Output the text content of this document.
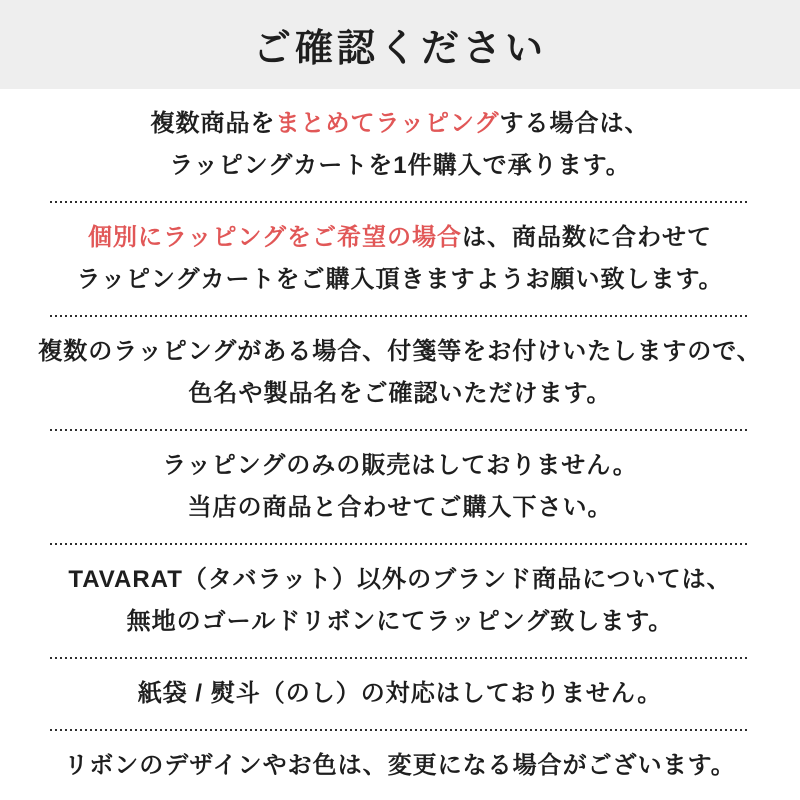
ご確認ください

複数商品をまとめてラッピングする場合は、
ラッピングカートを1件購入で承ります。

個別にラッピングをご希望の場合は、商品数に合わせて
ラッピングカートをご購入頂きますようお願い致します。

複数のラッピングがある場合、付箋等をお付けいたしますので、
色名や製品名をご確認いただけます。

ラッピングのみの販売はしておりません。
当店の商品と合わせてご購入下さい。

TAVARAT（タバラット）以外のブランド商品については、
無地のゴールドリボンにてラッピング致します。

紙袋 / 熨斗（のし）の対応はしておりません。

リボンのデザインやお色は、変更になる場合がございます。
